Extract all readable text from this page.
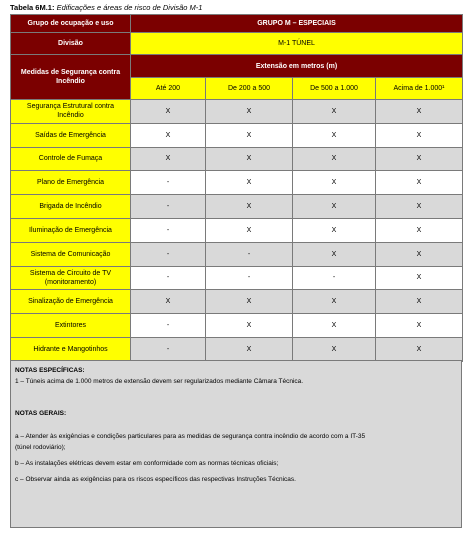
Tabela 6M.1: Edificações e áreas de risco de Divisão M-1
Grupo de ocupação e uso	GRUPO M – ESPECIAIS			
Divisão	M-1 TÚNEL			
Medidas de Segurança contra Incêndio	Extensão em metros (m)			
	Até 200	De 200 a 500	De 500 a 1.000	Acima de 1.000¹
Segurança Estrutural contra Incêndio	X	X	X	X
Saídas de Emergência	X	X	X	X
Controle de Fumaça	X	X	X	X
Plano de Emergência	-	X	X	X
Brigada de Incêndio	-	X	X	X
Iluminação de Emergência	-	X	X	X
Sistema de Comunicação	-	-	X	X
Sistema de Circuito de TV (monitoramento)	-	-	-	X
Sinalização de Emergência	X	X	X	X
Extintores	-	X	X	X
Hidrante e Mangotinhos	-	X	X	X

NOTAS ESPECÍFICAS:

1 – Túneis acima de 1.000 metros de extensão devem ser regularizados mediante Câmara Técnica.

NOTAS GERAIS:

a – Atender às exigências e condições particulares para as medidas de segurança contra incêndio de acordo com a IT-35

(túnel rodoviário);

b – As instalações elétricas devem estar em conformidade com as normas técnicas oficiais;

c – Observar ainda as exigências para os riscos específicos das respectivas Instruções Técnicas.
